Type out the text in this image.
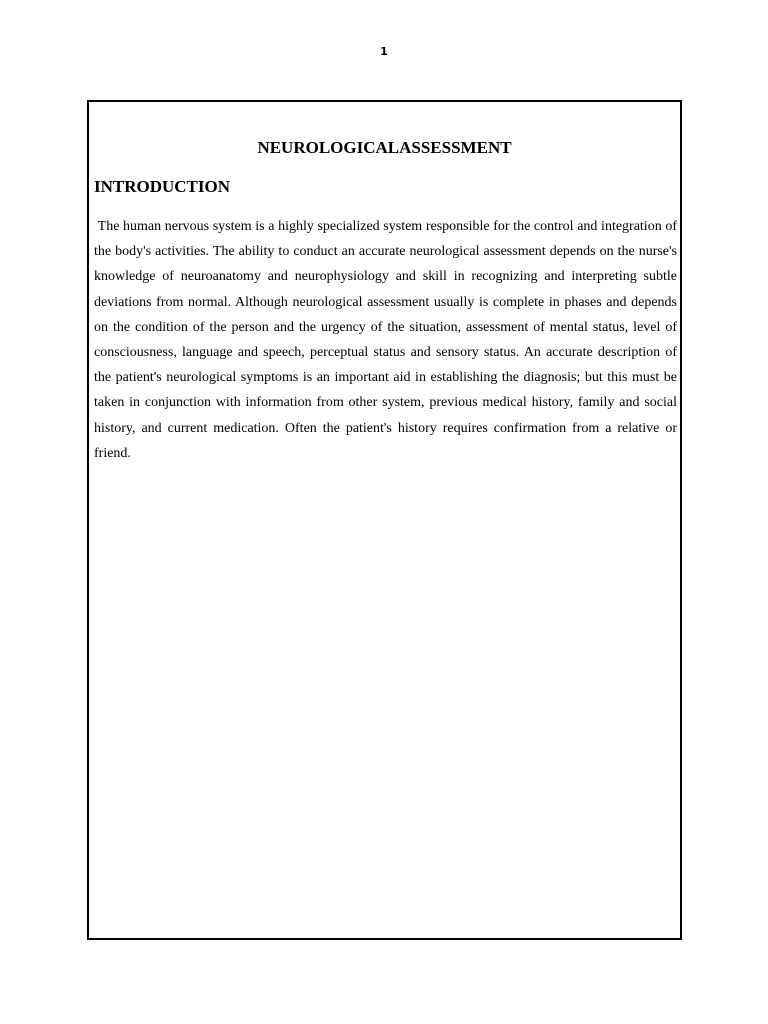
1
NEUROLOGICALASSESSMENT
INTRODUCTION

The human nervous system is a highly specialized system responsible for the control and integration of the body's activities. The ability to conduct an accurate neurological assessment depends on the nurse's knowledge of neuroanatomy and neurophysiology and skill in recognizing and interpreting subtle deviations from normal. Although neurological assessment usually is complete in phases and depends on the condition of the person and the urgency of the situation, assessment of mental status, level of consciousness, language and speech, perceptual status and sensory status. An accurate description of the patient's neurological symptoms is an important aid in establishing the diagnosis; but this must be taken in conjunction with information from other system, previous medical history, family and social history, and current medication. Often the patient's history requires confirmation from a relative or friend.
